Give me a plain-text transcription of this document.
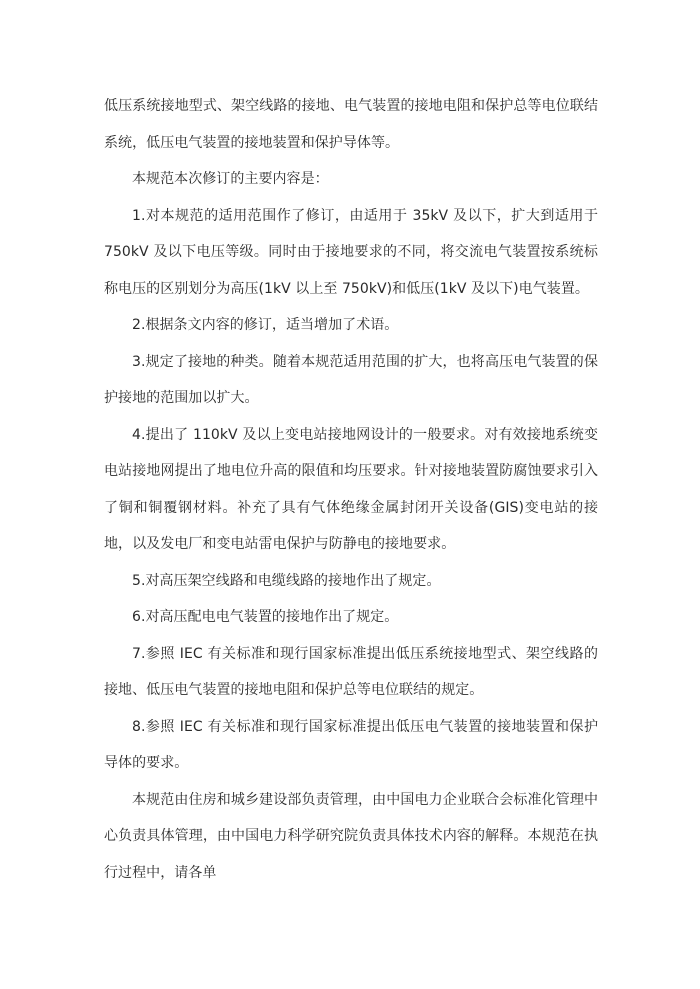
低压系统接地型式、架空线路的接地、电气装置的接地电阻和保护总等电位联结系统，低压电气装置的接地装置和保护导体等。

本规范本次修订的主要内容是：

1.对本规范的适用范围作了修订，由适用于 35kV 及以下，扩大到适用于 750kV 及以下电压等级。同时由于接地要求的不同，将交流电气装置按系统标称电压的区别划分为高压(1kV 以上至 750kV)和低压(1kV 及以下)电气装置。

2.根据条文内容的修订，适当增加了术语。

3.规定了接地的种类。随着本规范适用范围的扩大，也将高压电气装置的保护接地的范围加以扩大。

4.提出了 110kV 及以上变电站接地网设计的一般要求。对有效接地系统变电站接地网提出了地电位升高的限值和均压要求。针对接地装置防腐蚀要求引入了铜和铜覆钢材料。补充了具有气体绝缘金属封闭开关设备(GIS)变电站的接地，以及发电厂和变电站雷电保护与防静电的接地要求。

5.对高压架空线路和电缆线路的接地作出了规定。

6.对高压配电电气装置的接地作出了规定。

7.参照 IEC 有关标准和现行国家标准提出低压系统接地型式、架空线路的接地、低压电气装置的接地电阻和保护总等电位联结的规定。

8.参照 IEC 有关标准和现行国家标准提出低压电气装置的接地装置和保护导体的要求。

本规范由住房和城乡建设部负责管理，由中国电力企业联合会标准化管理中心负责具体管理，由中国电力科学研究院负责具体技术内容的解释。本规范在执行过程中，请各单
